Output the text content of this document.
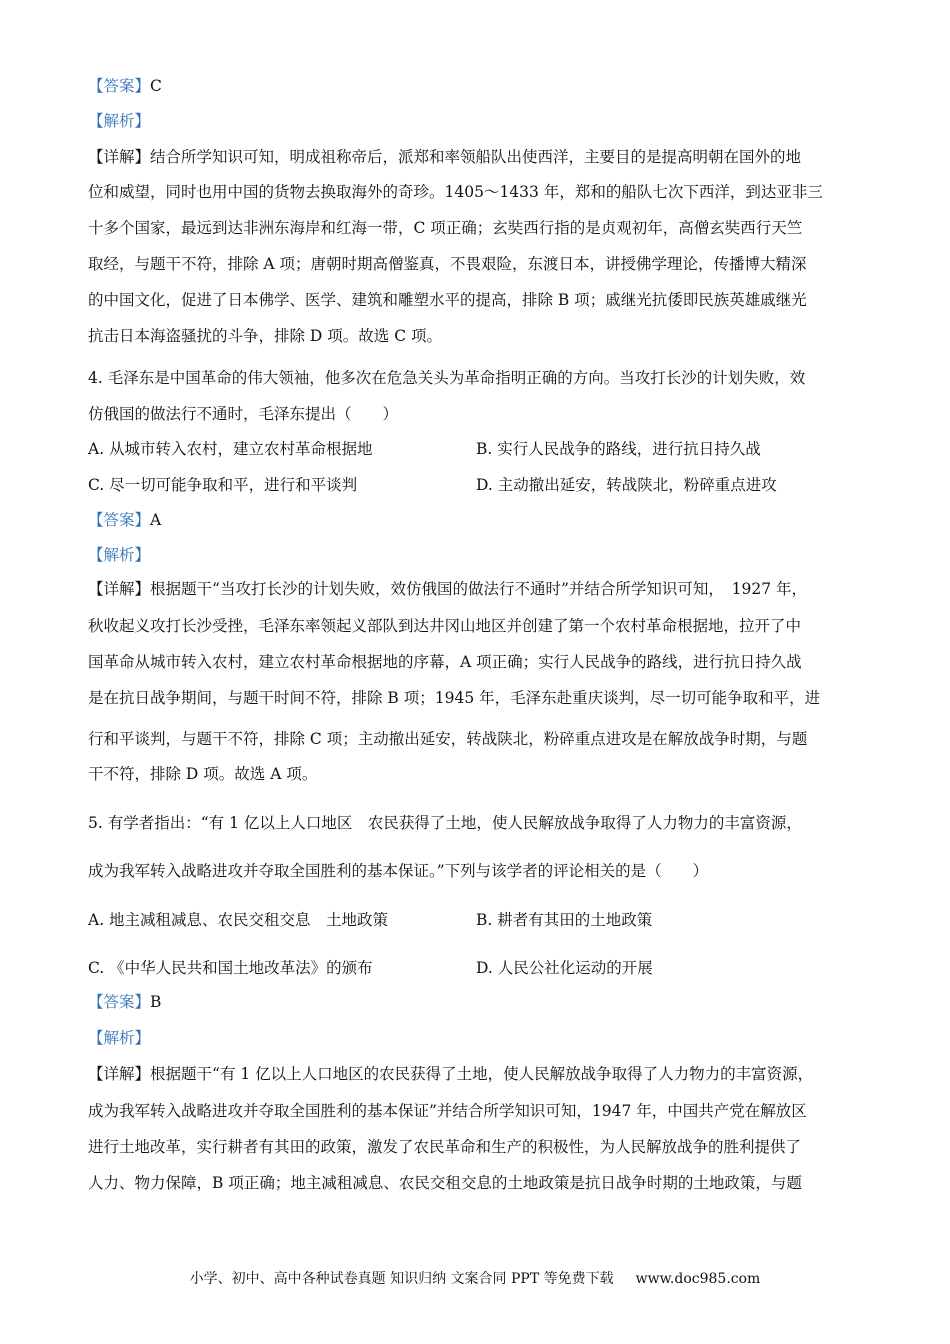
【答案】C
【解析】
【详解】结合所学知识可知，明成祖称帝后，派郑和率领船队出使西洋，主要目的是提高明朝在国外的地
位和威望，同时也用中国的货物去换取海外的奇珍。1405～1433 年，郑和的船队七次下西洋，到达亚非三
十多个国家，最远到达非洲东海岸和红海一带，C 项正确；玄奘西行指的是贞观初年，高僧玄奘西行天竺
取经，与题干不符，排除 A 项；唐朝时期高僧鉴真，不畏艰险，东渡日本，讲授佛学理论，传播博大精深
的中国文化，促进了日本佛学、医学、建筑和雕塑水平的提高，排除 B 项；戚继光抗倭即民族英雄戚继光
抗击日本海盗骚扰的斗争，排除 D 项。故选 C 项。
4. 毛泽东是中国革命的伟大领袖，他多次在危急关头为革命指明正确的方向。当攻打长沙的计划失败，效
仿俄国的做法行不通时，毛泽东提出（　　）
A. 从城市转入农村，建立农村革命根据地	B. 实行人民战争的路线，进行抗日持久战
C. 尽一切可能争取和平，进行和平谈判	D. 主动撤出延安，转战陕北，粉碎重点进攻
【答案】A
【解析】
【详解】根据题干“当攻打长沙的计划失败，效仿俄国的做法行不通时”并结合所学知识可知，　1927 年，
秋收起义攻打长沙受挫，毛泽东率领起义部队到达井冈山地区并创建了第一个农村革命根据地，拉开了中
国革命从城市转入农村，建立农村革命根据地的序幕，A 项正确；实行人民战争的路线，进行抗日持久战
是在抗日战争期间，与题干时间不符，排除 B 项；1945 年，毛泽东赴重庆谈判，尽一切可能争取和平，进
行和平谈判，与题干不符，排除 C 项；主动撤出延安，转战陕北，粉碎重点进攻是在解放战争时期，与题
干不符，排除 D 项。故选 A 项。
5. 有学者指出：“有 1 亿以上人口地区　农民获得了土地，使人民解放战争取得了人力物力的丰富资源，
成为我军转入战略进攻并夺取全国胜利的基本保证。”下列与该学者的评论相关的是（　　）
A. 地主减租减息、农民交租交息　土地政策	B. 耕者有其田的土地政策
C. 《中华人民共和国土地改革法》的颁布	D. 人民公社化运动的开展
【答案】B
【解析】
【详解】根据题干“有 1 亿以上人口地区的农民获得了土地，使人民解放战争取得了人力物力的丰富资源，
成为我军转入战略进攻并夺取全国胜利的基本保证”并结合所学知识可知，1947 年，中国共产党在解放区
进行土地改革，实行耕者有其田的政策，激发了农民革命和生产的积极性，为人民解放战争的胜利提供了
人力、物力保障，B 项正确；地主减租减息、农民交租交息的土地政策是抗日战争时期的土地政策，与题
小学、初中、高中各种试卷真题 知识归纳 文案合同 PPT 等免费下载 www.doc985.com
